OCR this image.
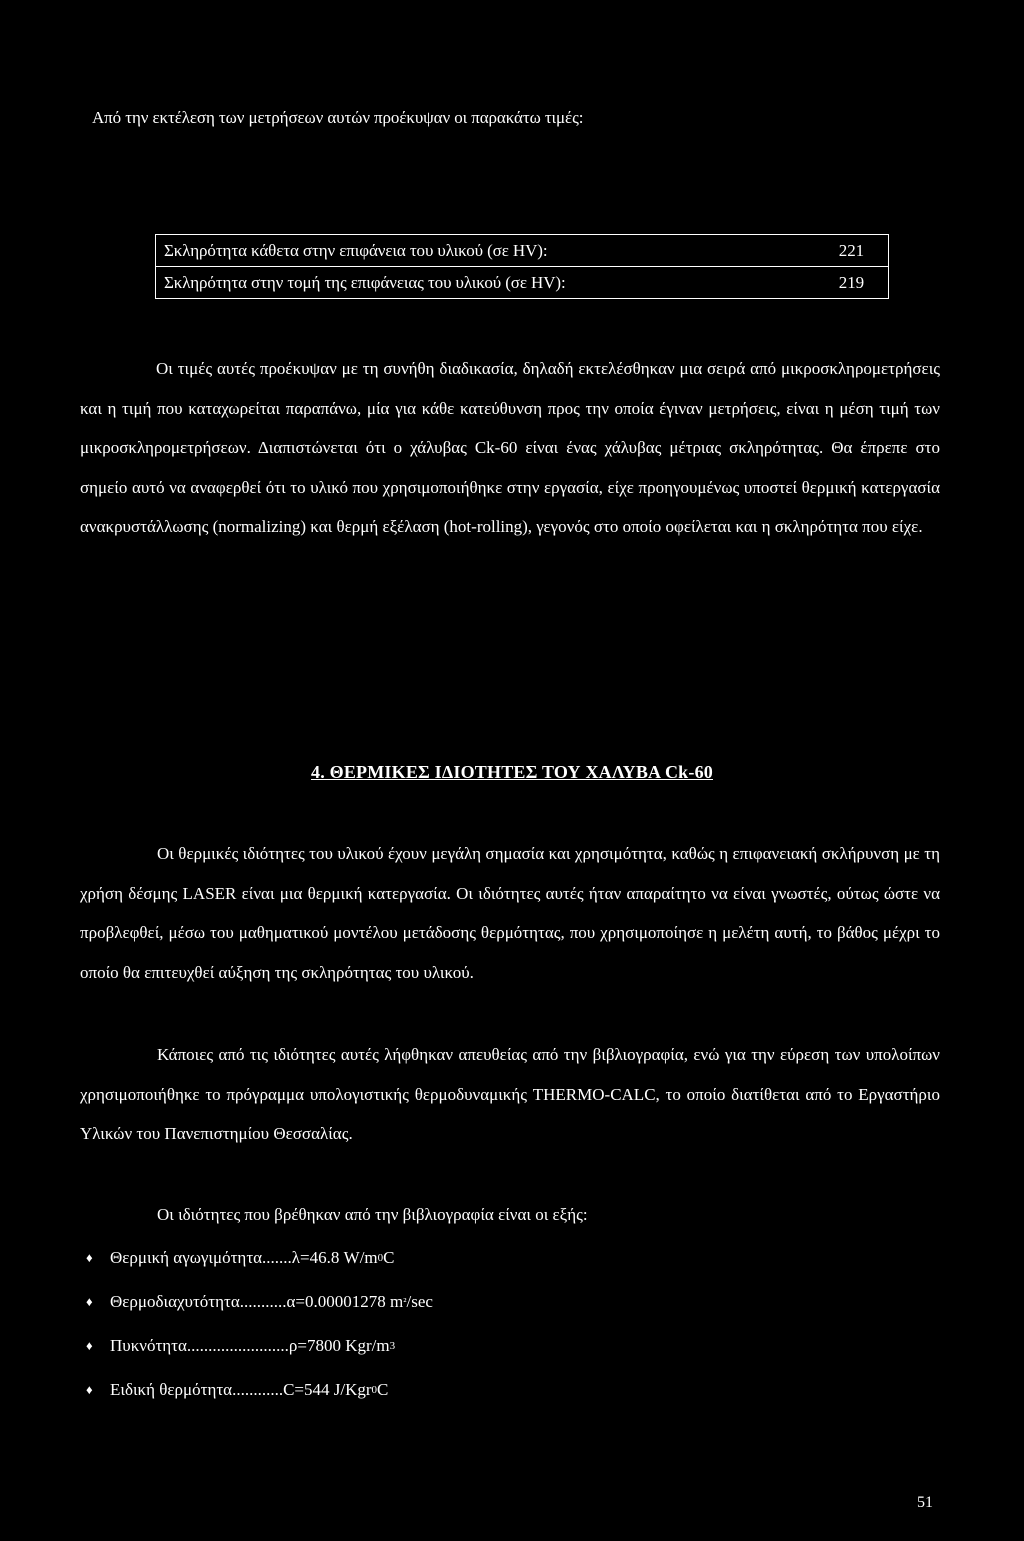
Από την εκτέλεση των μετρήσεων αυτών προέκυψαν οι παρακάτω τιμές:
Σκληρότητα κάθετα στην επιφάνεια του υλικού (σε HV):	221
Σκληρότητα στην τομή της επιφάνειας του υλικού (σε HV):	219
Οι τιμές αυτές προέκυψαν με τη συνήθη διαδικασία, δηλαδή εκτελέσθηκαν μια σειρά από μικροσκληρομετρήσεις και η τιμή που καταχωρείται παραπάνω, μία για κάθε κατεύθυνση προς την οποία έγιναν μετρήσεις, είναι η μέση τιμή των μικροσκληρομετρήσεων. Διαπιστώνεται ότι ο χάλυβας Ck-60 είναι ένας χάλυβας μέτριας σκληρότητας. Θα έπρεπε στο σημείο αυτό να αναφερθεί ότι το υλικό που χρησιμοποιήθηκε στην εργασία, είχε προηγουμένως υποστεί θερμική κατεργασία ανακρυστάλλωσης (normalizing) και θερμή εξέλαση (hot-rolling), γεγονός στο οποίο οφείλεται και η σκληρότητα που είχε.
4. ΘΕΡΜΙΚΕΣ ΙΔΙΟΤΗΤΕΣ ΤΟΥ ΧΑΛΥΒΑ Ck-60
Οι θερμικές ιδιότητες του υλικού έχουν μεγάλη σημασία και χρησιμότητα, καθώς η επιφανειακή σκλήρυνση με τη χρήση δέσμης LASER είναι μια θερμική κατεργασία. Οι ιδιότητες αυτές ήταν απαραίτητο να είναι γνωστές, ούτως ώστε να προβλεφθεί, μέσω του μαθηματικού μοντέλου μετάδοσης θερμότητας, που χρησιμοποίησε η μελέτη αυτή, το βάθος μέχρι το οποίο θα επιτευχθεί αύξηση της σκληρότητας του υλικού.
Κάποιες από τις ιδιότητες αυτές λήφθηκαν απευθείας από την βιβλιογραφία, ενώ για την εύρεση των υπολοίπων χρησιμοποιήθηκε το πρόγραμμα υπολογιστικής θερμοδυναμικής THERMO-CALC, το οποίο διατίθεται από το Εργαστήριο Υλικών του Πανεπιστημίου Θεσσαλίας.
Οι ιδιότητες που βρέθηκαν από την βιβλιογραφία είναι οι εξής:
♦	Θερμική αγωγιμότητα.......λ=46.8 W/m 0 C
♦	Θερμοδιαχυτότητα...........α=0.00001278 m ² /sec
♦	Πυκνότητα........................ρ=7800 Kgr/m 3
♦	Ειδική θερμότητα............C=544 J/Kgr 0 C
51
